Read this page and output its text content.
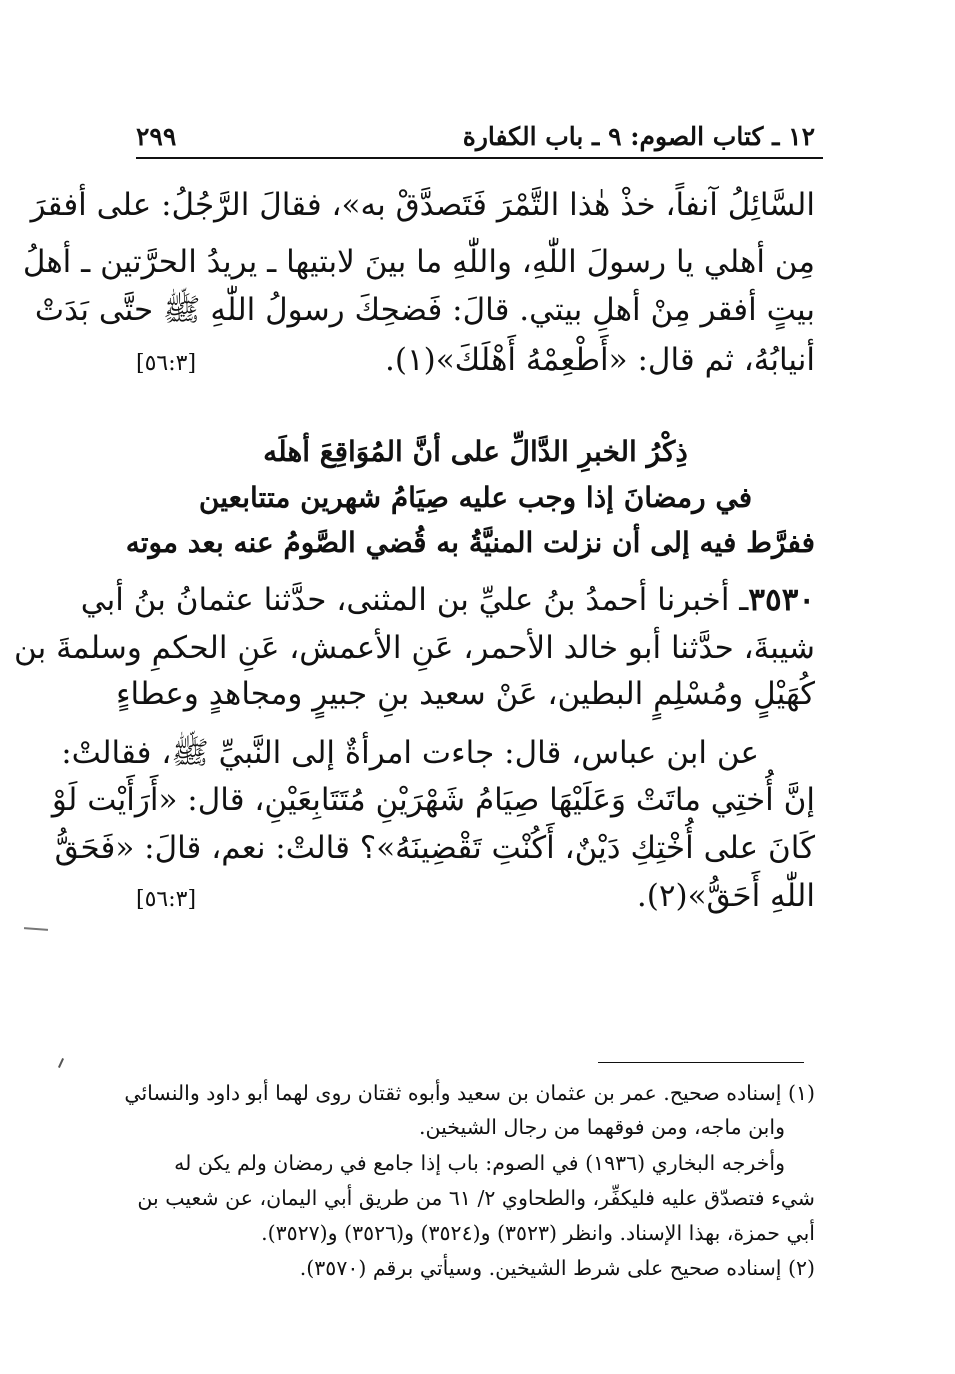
١٢ ـ كتاب الصوم: ٩ ـ باب الكفارة
٢٩٩
السَّائِلُ آنفاً، خذْ هٰذا التَّمْرَ فَتَصدَّقْ به»، فقالَ الرَّجُلُ: على أفقرَ
مِن أهلي يا رسولَ اللّٰهِ، واللّٰهِ ما بينَ لابتيها ـ يريدُ الحرَّتين ـ أهلُ
بيتٍ أفقر مِنْ أهلِ بيتي. قالَ: فَضحِكَ رسولُ اللّٰهِ ﷺ حتَّى بَدَتْ
أنيابُهُ، ثم قال: «أَطْعِمْهُ أَهْلَكَ»(١).
[٥٦:٣]
ذِكْرُ الخبرِ الدَّالِّ على أنَّ المُوَاقِعَ أهلَه
في رمضانَ إذا وجب عليه صِيَامُ شهرين متتابعين
ففرَّط فيه إلى أن نزلت المنيَّةُ به قُضي الصَّومُ عنه بعد موته
٣٥٣٠ـ أخبرنا أحمدُ بنُ عليِّ بن المثنى، حدَّثنا عثمانُ بنُ أبي
شيبةَ، حدَّثنا أبو خالد الأحمر، عَنِ الأعمش، عَنِ الحكمِ وسلمةَ بن
كُهَيْلٍ ومُسْلِمٍ البطين، عَنْ سعيد بنِ جبيرٍ ومجاهدٍ وعطاءٍ
عن ابن عباس، قال: جاءت امرأةٌ إلى النَّبيِّ ﷺ، فقالتْ:
إنَّ أُختِي ماتَتْ وَعَلَيْهَا صِيَامُ شَهْرَيْنِ مُتَتَابِعَيْنِ، قال: «أَرَأَيْت لَوْ
كَانَ على أُخْتِكِ دَيْنٌ، أَكُنْتِ تَقْضِينَهُ»؟ قالتْ: نعم، قالَ: «فَحَقُّ
اللّٰهِ أَحَقُّ»(٢).
[٥٦:٣]
(١) إسناده صحيح. عمر بن عثمان بن سعيد وأبوه ثقتان روى لهما أبو داود والنسائي
وابن ماجه، ومن فوقهما من رجال الشيخين.
وأخرجه البخاري (١٩٣٦) في الصوم: باب إذا جامع في رمضان ولم يكن له
شيء فتصدّق عليه فليكفِّر، والطحاوي ٢/ ٦١ من طريق أبي اليمان، عن شعيب بن
أبي حمزة، بهذا الإسناد. وانظر (٣٥٢٣) و(٣٥٢٤) و(٣٥٢٦) و(٣٥٢٧).
(٢) إسناده صحيح على شرط الشيخين. وسيأتي برقم (٣٥٧٠).
